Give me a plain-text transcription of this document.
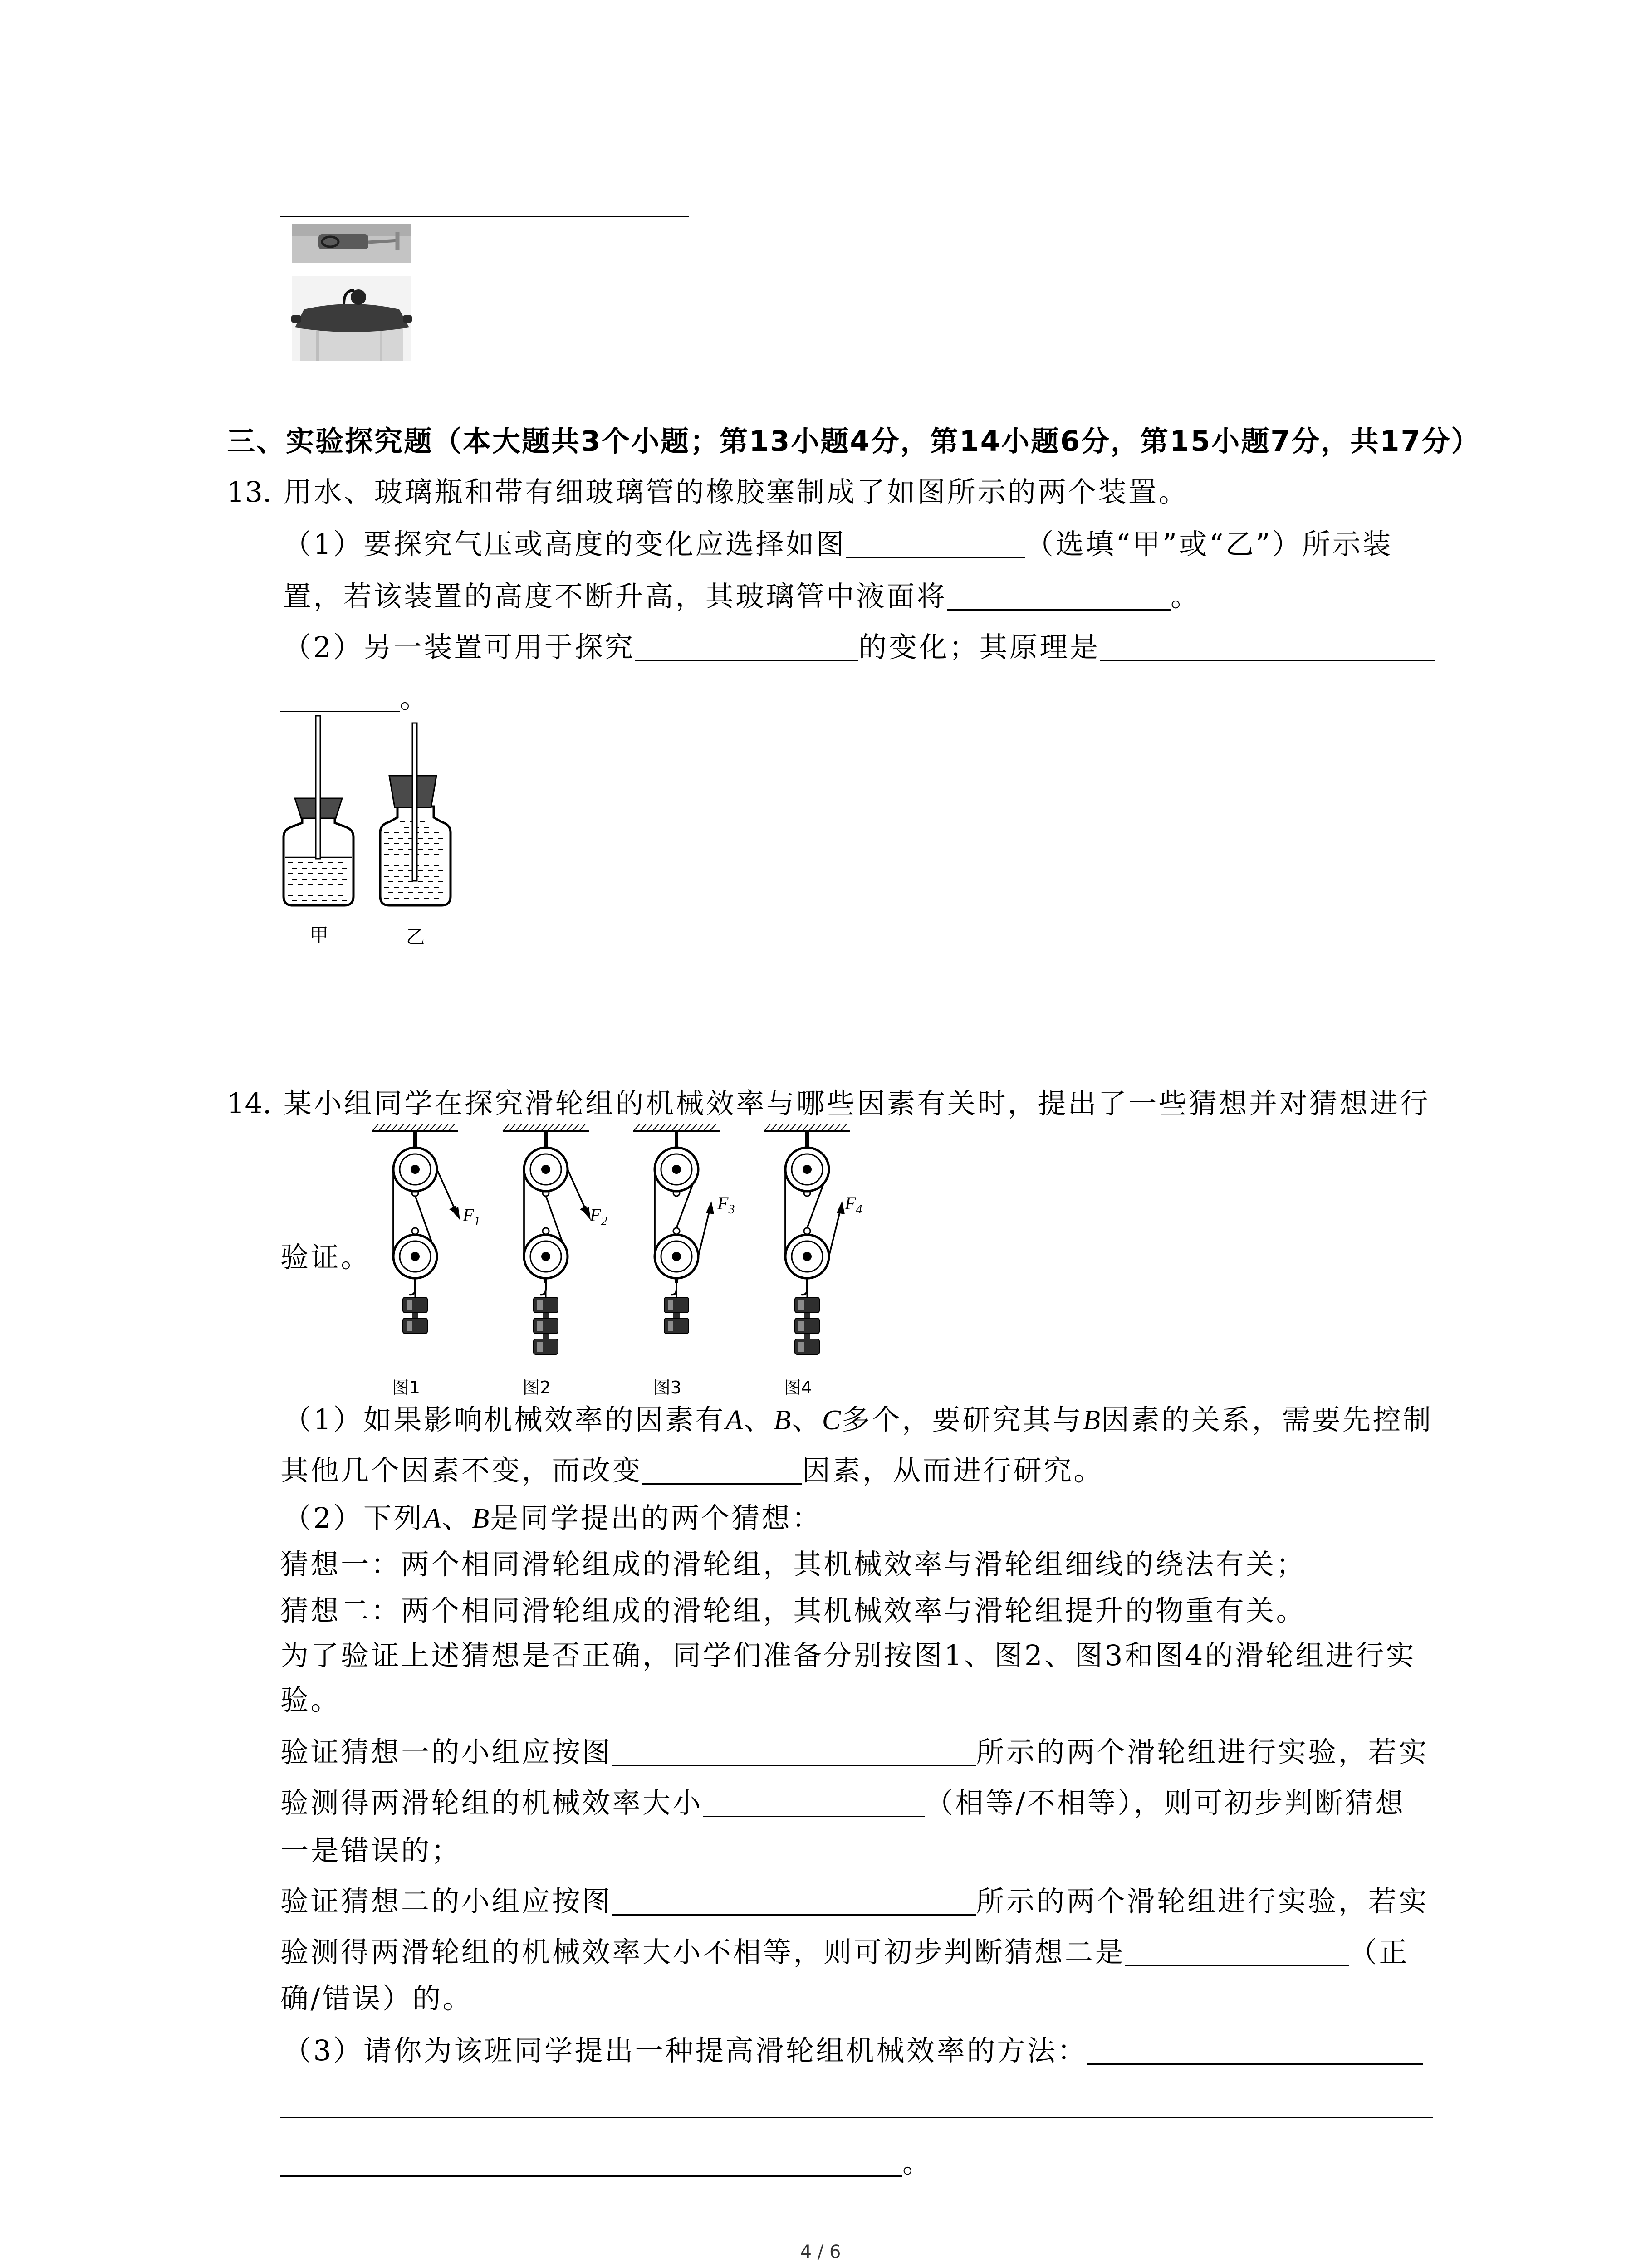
三、实验探究题（本大题共3个小题；第13小题4分，第14小题6分，第15小题7分，共17分）
13. 用水、玻璃瓶和带有细玻璃管的橡胶塞制成了如图所示的两个装置。
（1）要探究气压或高度的变化应选择如图	（选填“甲”或“乙”）所示装
置，若该装置的高度不断升高，其玻璃管中液面将	。
（2）另一装置可用于探究	的变化；其原理是
。
甲	乙
14. 某小组同学在探究滑轮组的机械效率与哪些因素有关时，提出了一些猜想并对猜想进行
验证。
$F_1$	$F_2$
$F_3$	$F_4$
图1	图2	图3	图4
（1）如果影响机械效率的因素有A、B、C多个，要研究其与B因素的关系，需要先控制
其他几个因素不变，而改变	因素，从而进行研究。
（2）下列A、B是同学提出的两个猜想：
猜想一：两个相同滑轮组成的滑轮组，其机械效率与滑轮组细线的绕法有关；
猜想二：两个相同滑轮组成的滑轮组，其机械效率与滑轮组提升的物重有关。
为了验证上述猜想是否正确，同学们准备分别按图1、图2、图3和图4的滑轮组进行实
验。
验证猜想一的小组应按图	所示的两个滑轮组进行实验，若实
验测得两滑轮组的机械效率大小	（相等/不相等），则可初步判断猜想
一是错误的；
验证猜想二的小组应按图	所示的两个滑轮组进行实验，若实
验测得两滑轮组的机械效率大小不相等，则可初步判断猜想二是	（正
确/错误）的。
（3）请你为该班同学提出一种提高滑轮组机械效率的方法：
。
4 / 6
